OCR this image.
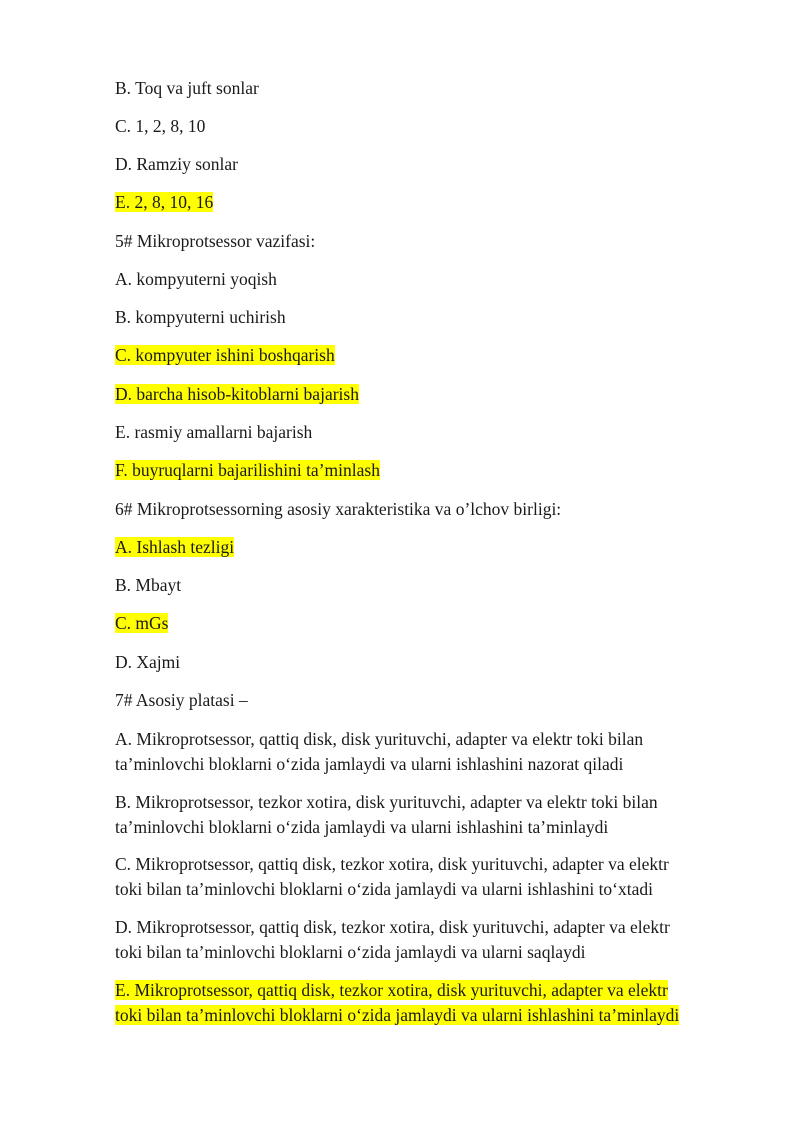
B. Toq va juft sonlar
C. 1, 2, 8, 10
D. Ramziy sonlar
E. 2, 8, 10, 16
5# Mikroprotsessor vazifasi:
A. kompyuterni yoqish
B. kompyuterni uchirish
C. kompyuter ishini boshqarish
D. barcha hisob-kitoblarni bajarish
E. rasmiy amallarni bajarish
F. buyruqlarni bajarilishini ta’minlash
6# Mikroprotsessorning asosiy xarakteristika va o’lchov birligi:
A. Ishlash tezligi
B. Mbayt
C. mGs
D. Xajmi
7# Asosiy platasi –
A. Mikroprotsessor, qattiq disk, disk yurituvchi, adapter va elektr toki bilan
ta’minlovchi bloklarni o‘zida jamlaydi va ularni ishlashini nazorat qiladi
B. Mikroprotsessor, tezkor xotira, disk yurituvchi, adapter va elektr toki bilan
ta’minlovchi bloklarni o‘zida jamlaydi va ularni ishlashini ta’minlaydi
C. Mikroprotsessor, qattiq disk, tezkor xotira, disk yurituvchi, adapter va elektr
toki bilan ta’minlovchi bloklarni o‘zida jamlaydi va ularni ishlashini to‘xtadi
D. Mikroprotsessor, qattiq disk, tezkor xotira, disk yurituvchi, adapter va elektr
toki bilan ta’minlovchi bloklarni o‘zida jamlaydi va ularni saqlaydi
E. Mikroprotsessor, qattiq disk, tezkor xotira, disk yurituvchi, adapter va elektr
toki bilan ta’minlovchi bloklarni o‘zida jamlaydi va ularni ishlashini ta’minlaydi
